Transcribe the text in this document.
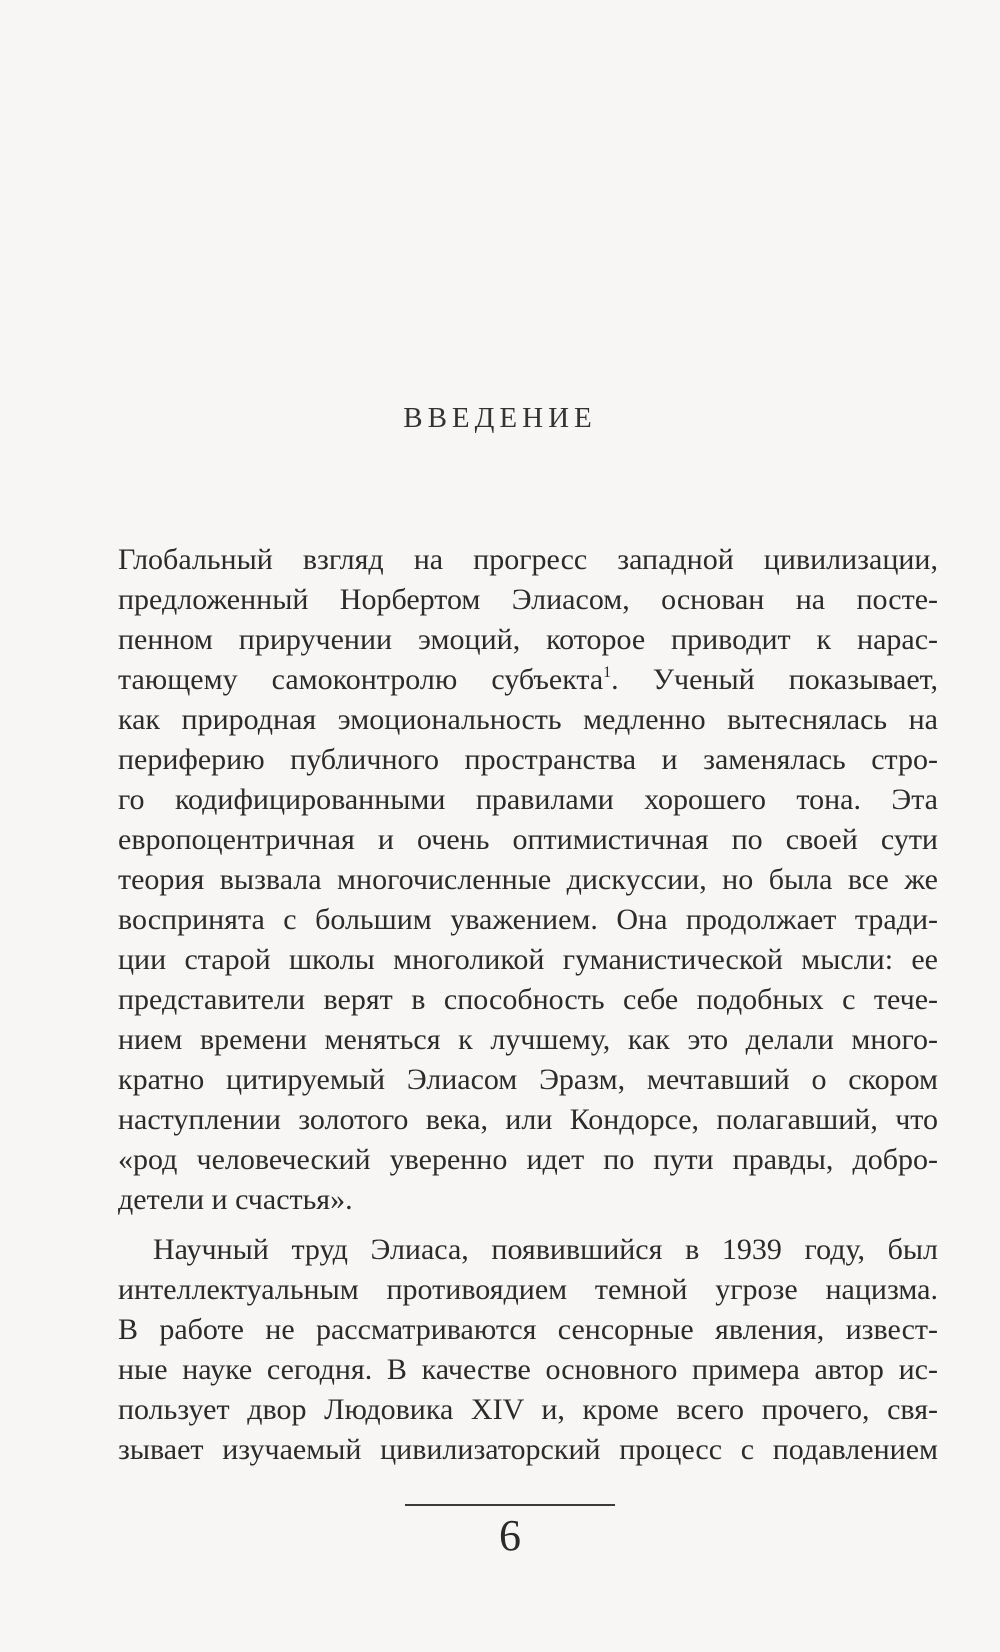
ВВЕДЕНИЕ
Глобальный взгляд на прогресс западной цивилизации,
предложенный Норбертом Элиасом, основан на посте-
пенном приручении эмоций, которое приводит к нарас-
тающему самоконтролю субъекта$^1$. Ученый показывает,
как природная эмоциональность медленно вытеснялась на
периферию публичного пространства и заменялась стро-
го кодифицированными правилами хорошего тона. Эта
европоцентричная и очень оптимистичная по своей сути
теория вызвала многочисленные дискуссии, но была все же
воспринята с большим уважением. Она продолжает тради-
ции старой школы многоликой гуманистической мысли: ее
представители верят в способность себе подобных с тече-
нием времени меняться к лучшему, как это делали много-
кратно цитируемый Элиасом Эразм, мечтавший о скором
наступлении золотого века, или Кондорсе, полагавший, что
«род человеческий уверенно идет по пути правды, добро-
детели и счастья».
Научный труд Элиаса, появившийся в 1939 году, был
интеллектуальным противоядием темной угрозе нацизма.
В работе не рассматриваются сенсорные явления, извест-
ные науке сегодня. В качестве основного примера автор ис-
пользует двор Людовика XIV и, кроме всего прочего, свя-
зывает изучаемый цивилизаторский процесс с подавлением
6
